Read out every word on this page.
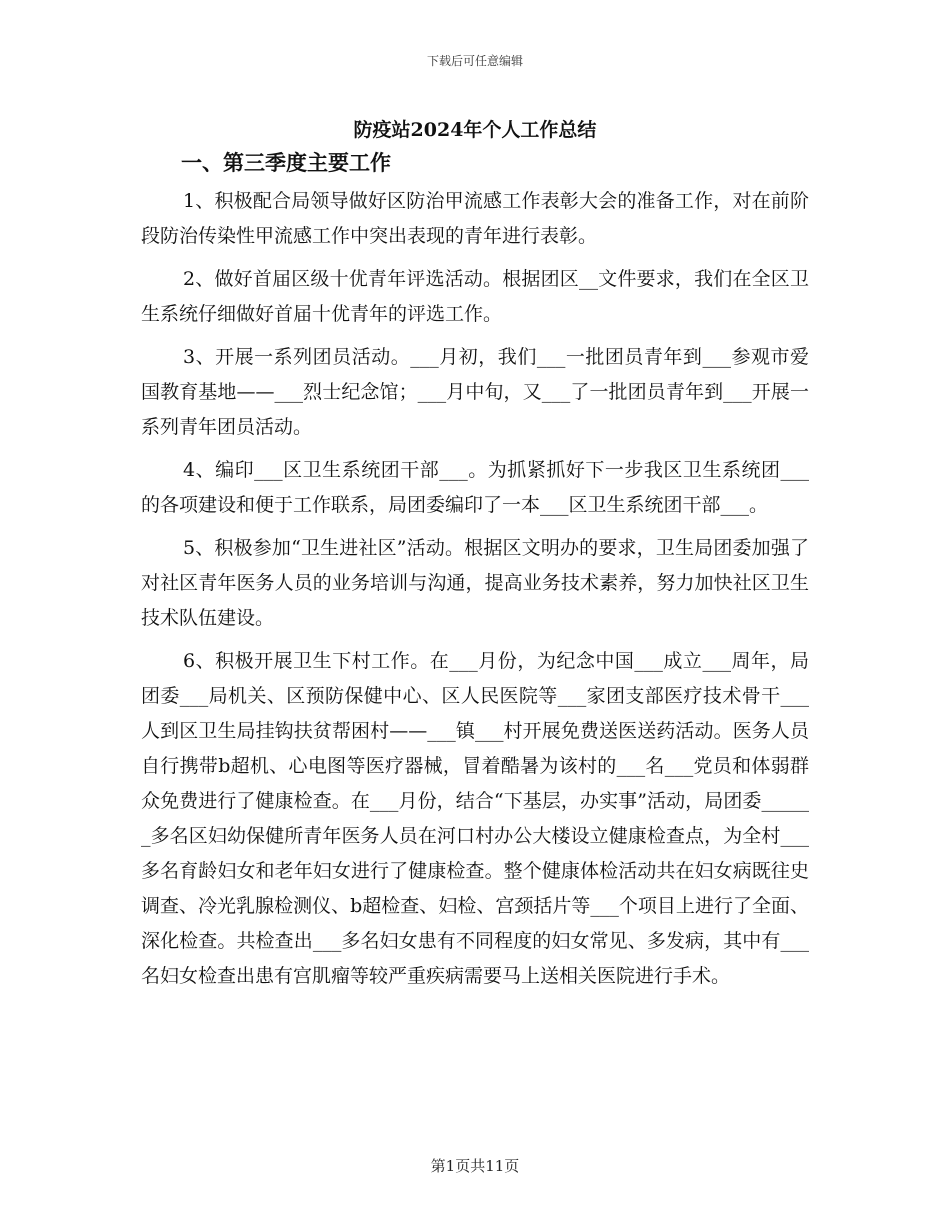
下载后可任意编辑
防疫站2024年个人工作总结

一、第三季度主要工作

1、积极配合局领导做好区防治甲流感工作表彰大会的准备工作，对在前阶段防治传染性甲流感工作中突出表现的青年进行表彰。

2、做好首届区级十优青年评选活动。根据团区__文件要求，我们在全区卫生系统仔细做好首届十优青年的评选工作。

3、开展一系列团员活动。___月初，我们___一批团员青年到___参观市爱国教育基地——___烈士纪念馆；___月中旬，又___了一批团员青年到___开展一系列青年团员活动。

4、编印___区卫生系统团干部___。为抓紧抓好下一步我区卫生系统团___的各项建设和便于工作联系，局团委编印了一本___区卫生系统团干部___。

5、积极参加“卫生进社区”活动。根据区文明办的要求，卫生局团委加强了对社区青年医务人员的业务培训与沟通，提高业务技术素养，努力加快社区卫生技术队伍建设。

6、积极开展卫生下村工作。在___月份，为纪念中国___成立___周年，局团委___局机关、区预防保健中心、区人民医院等___家团支部医疗技术骨干___人到区卫生局挂钩扶贫帮困村——___镇___村开展免费送医送药活动。医务人员自行携带b超机、心电图等医疗器械，冒着酷暑为该村的___名___党员和体弱群众免费进行了健康检查。在___月份，结合“下基层，办实事”活动，局团委______多名区妇幼保健所青年医务人员在河口村办公大楼设立健康检查点，为全村___多名育龄妇女和老年妇女进行了健康检查。整个健康体检活动共在妇女病既往史调查、冷光乳腺检测仪、b超检查、妇检、宫颈括片等___个项目上进行了全面、深化检查。共检查出___多名妇女患有不同程度的妇女常见、多发病，其中有___名妇女检查出患有宫肌瘤等较严重疾病需要马上送相关医院进行手术。

第1页共11页
